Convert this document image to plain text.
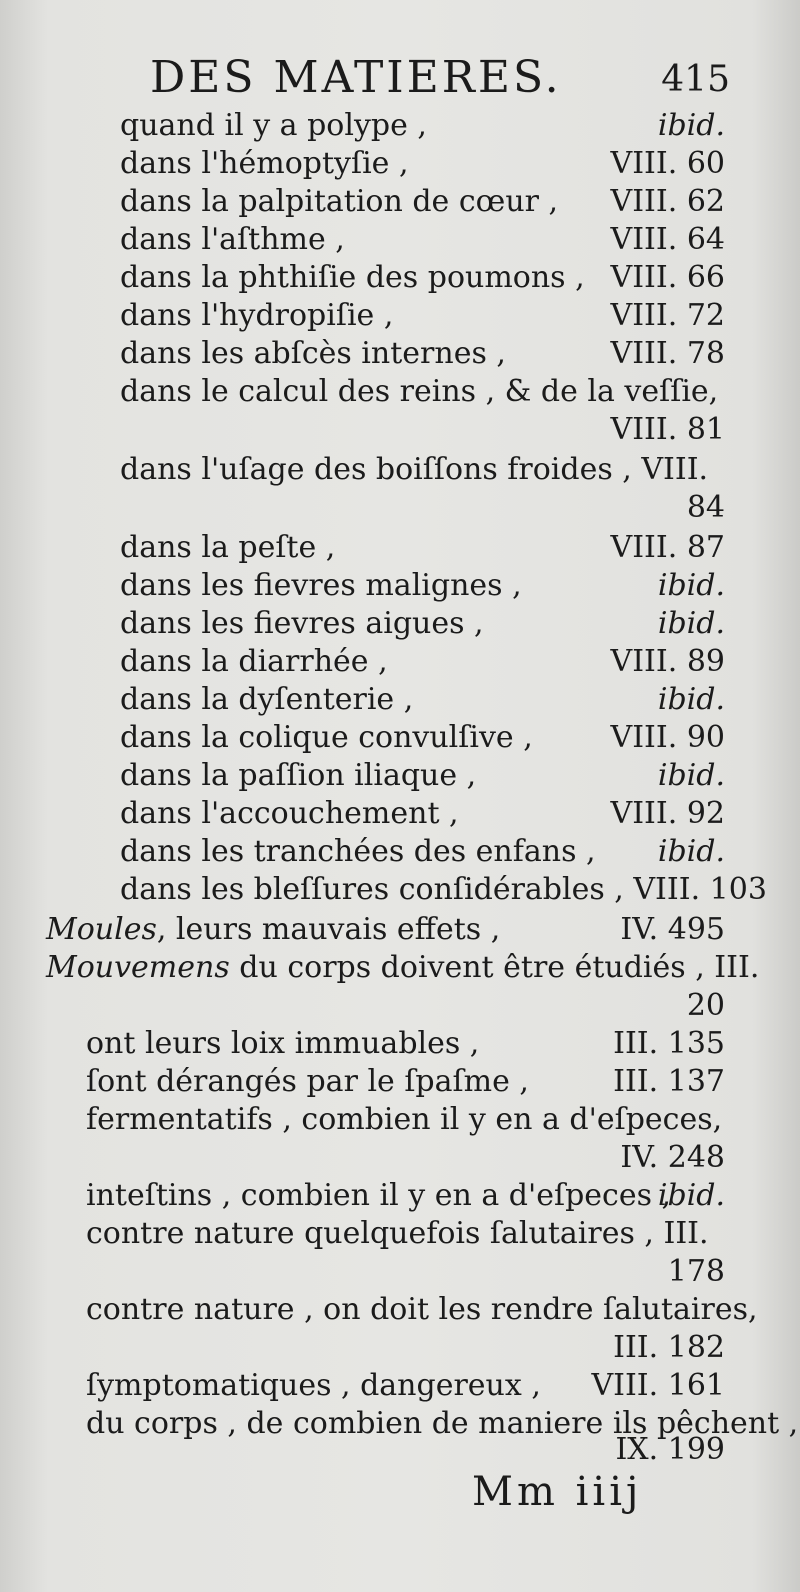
DES MATIERES.	415
quand il y a polype ,	ibid.
dans l'hémoptyſie ,	VIII. 60
dans la palpitation de cœur , VIII. 62
dans l'aſthme ,	VIII. 64
dans la phthiſie des poumons , VIII. 66
dans l'hydropiſie ,	VIII. 72
dans les abſcès internes ,	VIII. 78
dans le calcul des reins , & de la veſſie,
VIII. 81
dans l'uſage des boiſſons froides , VIII.
84
dans la peſte ,	VIII. 87
dans les fievres malignes ,	ibid.
dans les fievres aigues ,	ibid.
dans la diarrhée ,	VIII. 89
dans la dyſenterie ,	ibid.
dans la colique convulſive ,	VIII. 90
dans la paſſion iliaque ,	ibid.
dans l'accouchement ,	VIII. 92
dans les tranchées des enfans , ibid.
dans les bleſſures conſidérables , VIII. 103
Moules, leurs mauvais effets ,	IV. 495
Mouvemens du corps doivent être étudiés , III.
20
ont leurs loix immuables ,	III. 135
ſont dérangés par le ſpaſme ,	III. 137
fermentatifs , combien il y en a d'eſpeces,
IV. 248
inteſtins , combien il y en a d'eſpeces ,
ibid.
contre nature quelquefois ſalutaires , III.
178
contre nature , on doit les rendre ſalutaires,
III. 182
ſymptomatiques , dangereux , VIII. 161
du corps , de combien de maniere ils pêchent ,
IX. 199
Mm iiij
